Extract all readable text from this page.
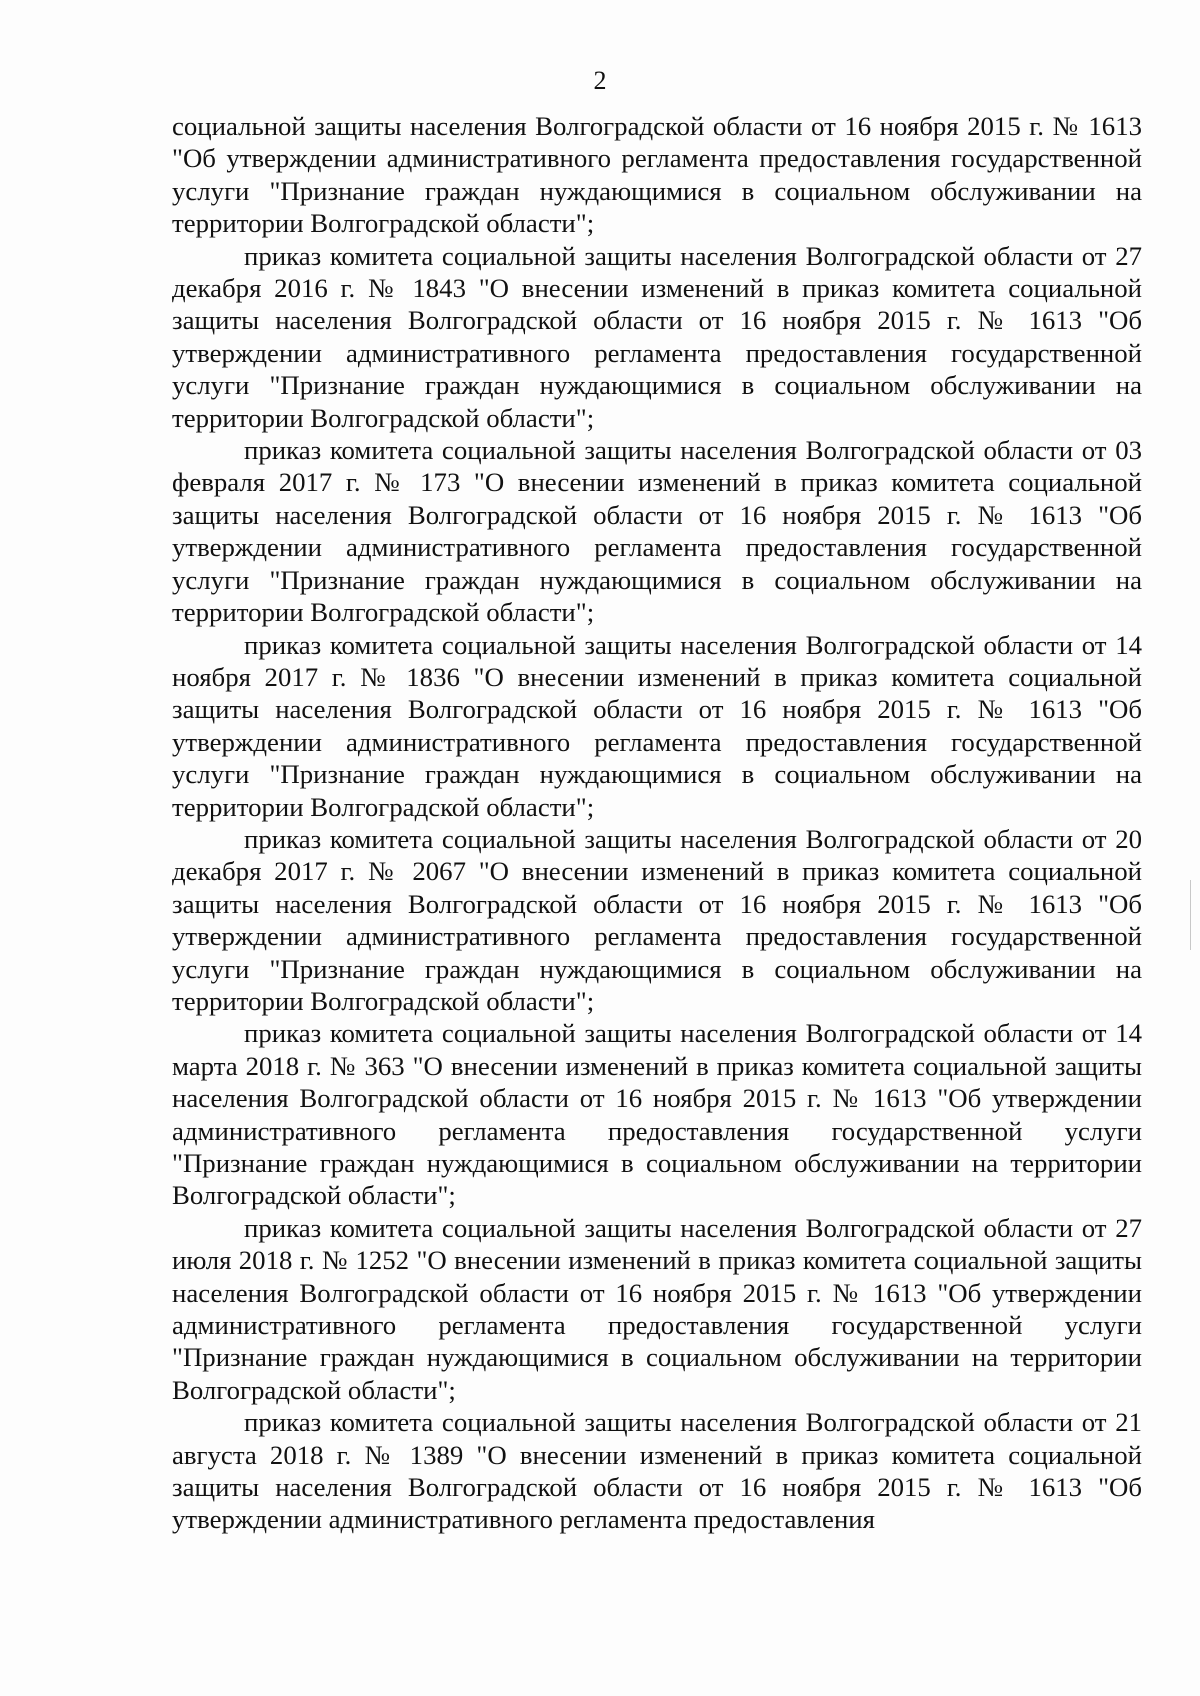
2

социальной защиты населения Волгоградской области от 16 ноября 2015 г. № 1613 "Об утверждении административного регламента предоставления государственной услуги "Признание граждан нуждающимися в социальном обслуживании на территории Волгоградской области";

приказ комитета социальной защиты населения Волгоградской области от 27 декабря 2016 г. № 1843 "О внесении изменений в приказ комитета социальной защиты населения Волгоградской области от 16 ноября 2015 г. № 1613 "Об утверждении административного регламента предоставления государственной услуги "Признание граждан нуждающимися в социальном обслуживании на территории Волгоградской области";

приказ комитета социальной защиты населения Волгоградской области от 03 февраля 2017 г. № 173 "О внесении изменений в приказ комитета социальной защиты населения Волгоградской области от 16 ноября 2015 г. № 1613 "Об утверждении административного регламента предоставления государственной услуги "Признание граждан нуждающимися в социальном обслуживании на территории Волгоградской области";

приказ комитета социальной защиты населения Волгоградской области от 14 ноября 2017 г. № 1836 "О внесении изменений в приказ комитета социальной защиты населения Волгоградской области от 16 ноября 2015 г. № 1613 "Об утверждении административного регламента предоставления государственной услуги "Признание граждан нуждающимися в социальном обслуживании на территории Волгоградской области";

приказ комитета социальной защиты населения Волгоградской области от 20 декабря 2017 г. № 2067 "О внесении изменений в приказ комитета социальной защиты населения Волгоградской области от 16 ноября 2015 г. № 1613 "Об утверждении административного регламента предоставления государственной услуги "Признание граждан нуждающимися в социальном обслуживании на территории Волгоградской области";

приказ комитета социальной защиты населения Волгоградской области от 14 марта 2018 г. № 363 "О внесении изменений в приказ комитета социальной защиты населения Волгоградской области от 16 ноября 2015 г. № 1613 "Об утверждении административного регламента предоставления государственной услуги "Признание граждан нуждающимися в социальном обслуживании на территории Волгоградской области";

приказ комитета социальной защиты населения Волгоградской области от 27 июля 2018 г. № 1252 "О внесении изменений в приказ комитета социальной защиты населения Волгоградской области от 16 ноября 2015 г. № 1613 "Об утверждении административного регламента предоставления государственной услуги "Признание граждан нуждающимися в социальном обслуживании на территории Волгоградской области";

приказ комитета социальной защиты населения Волгоградской области от 21 августа 2018 г. № 1389 "О внесении изменений в приказ комитета социальной защиты населения Волгоградской области от 16 ноября 2015 г. № 1613 "Об утверждении административного регламента предоставления
